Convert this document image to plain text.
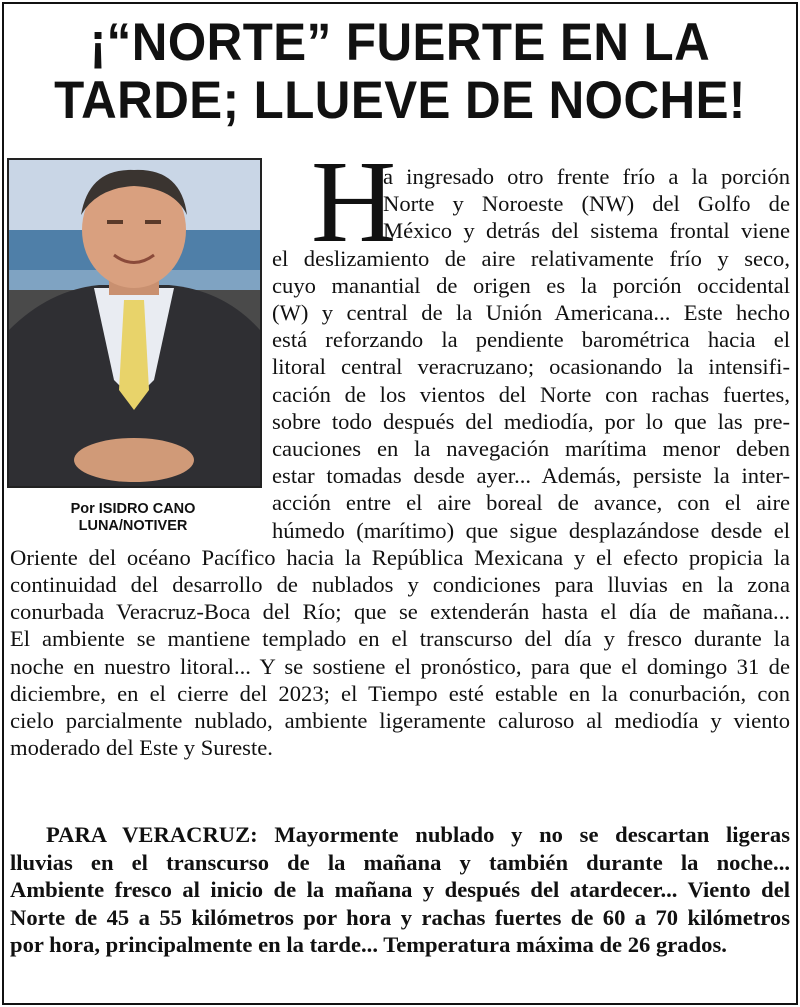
¡“NORTE” FUERTE EN LA
TARDE; LLUEVE DE NOCHE!
Por ISIDRO CANO
LUNA/NOTIVER
H
a ingresado otro frente frío a la porción
Norte y Noroeste (NW) del Golfo de
México y detrás del sistema frontal viene
el deslizamiento de aire relativamente frío y seco,
cuyo manantial de origen es la porción occidental
(W) y central de la Unión Americana... Este hecho
está reforzando la pendiente barométrica hacia el
litoral central veracruzano; ocasionando la intensifi-
cación de los vientos del Norte con rachas fuertes,
sobre todo después del mediodía, por lo que las pre-
cauciones en la navegación marítima menor deben
estar tomadas desde ayer... Además, persiste la inter-
acción entre el aire boreal de avance, con el aire
húmedo (marítimo) que sigue desplazándose desde el
Oriente del océano Pacífico hacia la República Mexicana y el efecto propicia la
continuidad del desarrollo de nublados y condiciones para lluvias en la zona
conurbada Veracruz-Boca del Río; que se extenderán hasta el día de mañana...
El ambiente se mantiene templado en el transcurso del día y fresco durante la
noche en nuestro litoral... Y se sostiene el pronóstico, para que el domingo 31 de
diciembre, en el cierre del 2023; el Tiempo esté estable en la conurbación, con
cielo parcialmente nublado, ambiente ligeramente caluroso al mediodía y viento
moderado del Este y Sureste.
PARA VERACRUZ: Mayormente nublado y no se descartan ligeras
lluvias en el transcurso de la mañana y también durante la noche...
Ambiente fresco al inicio de la mañana y después del atardecer... Viento del
Norte de 45 a 55 kilómetros por hora y rachas fuertes de 60 a 70 kilómetros
por hora, principalmente en la tarde... Temperatura máxima de 26 grados.
